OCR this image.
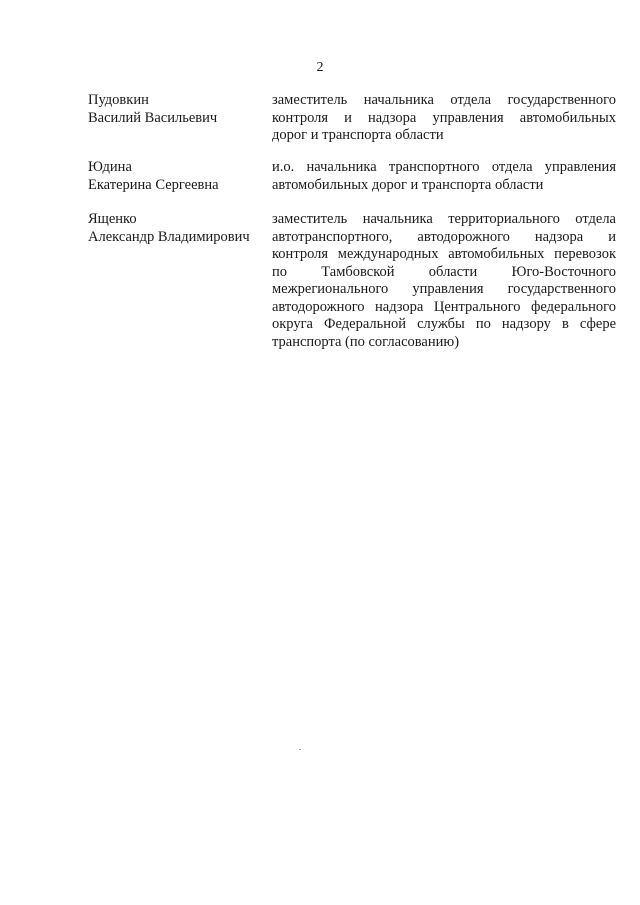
2
Пудовкин
Василий Васильевич
заместитель начальника отдела государственного
контроля и надзора управления автомобильных
дорог и транспорта области
Юдина
Екатерина Сергеевна
и.о. начальника транспортного отдела управления
автомобильных дорог и транспорта области
Ященко
Александр Владимирович
заместитель начальника территориального отдела
автотранспортного, автодорожного надзора и
контроля международных автомобильных перевозок
по Тамбовской области Юго-Восточного
межрегионального управления государственного
автодорожного надзора Центрального федерального
округа Федеральной службы по надзору в сфере
транспорта (по согласованию)
